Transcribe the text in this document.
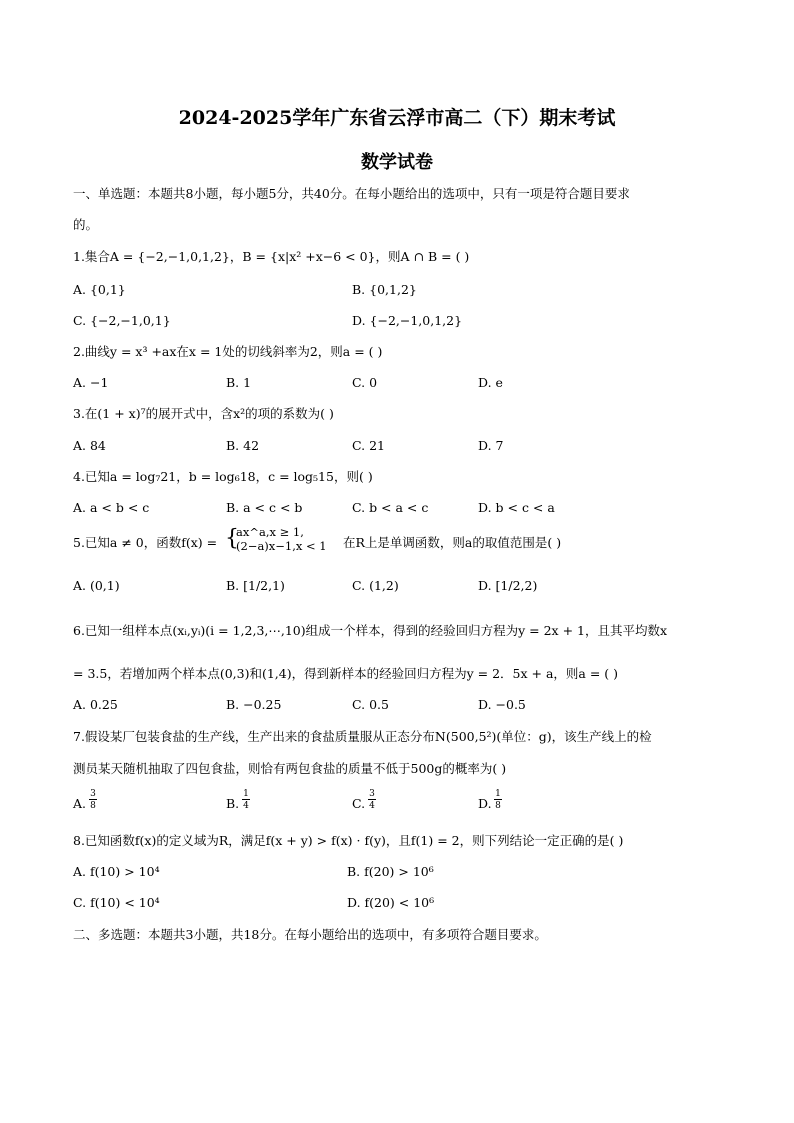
2024-2025学年广东省云浮市高二（下）期末考试
数学试卷
一、单选题：本题共8小题，每小题5分，共40分。在每小题给出的选项中，只有一项是符合题目要求
的。
1.集合A = {−2,−1,0,1,2}，B = {x|x² +x−6 < 0}，则A ∩ B = ( )
A. {0,1}	B. {0,1,2}
C. {−2,−1,0,1}	D. {−2,−1,0,1,2}
2.曲线y = x³ +ax在x = 1处的切线斜率为2，则a = ( )
A. −1	B. 1	C. 0	D. e
3.在(1 + x)⁷的展开式中，含x²的项的系数为( )
A. 84	B. 42	C. 21	D. 7
4.已知a = log₇21，b = log₆18，c = log₅15，则( )
A. a < b < c	B. a < c < b	C. b < a < c	D. b < c < a
5.已知a ≠ 0，函数f(x) = {
ax^a,x ≥ 1,
(2−a)x−1,x < 1 在R上是单调函数，则a的取值范围是( )
A. (0,1)	B. [1/2,1)	C. (1,2)	D. [1/2,2)
6.已知一组样本点(xᵢ,yᵢ)(i = 1,2,3,⋯,10)组成一个样本，得到的经验回归方程为y = 2x + 1，且其平均数x
= 3.5，若增加两个样本点(0,3)和(1,4)，得到新样本的经验回归方程为y = 2．5x + a，则a = ( )
A. 0.25	B. −0.25	C. 0.5	D. −0.5
7.假设某厂包装食盐的生产线，生产出来的食盐质量服从正态分布N(500,5²)(单位：g)，该生产线上的检
测员某天随机抽取了四包食盐，则恰有两包食盐的质量不低于500g的概率为( )
A.
3
8	B.
1
4	C.
3
4	D.
1
8
8.已知函数f(x)的定义域为R，满足f(x + y) > f(x) · f(y)，且f(1) = 2，则下列结论一定正确的是( )
A. f(10) > 10⁴	B. f(20) > 10⁶
C. f(10) < 10⁴	D. f(20) < 10⁶
二、多选题：本题共3小题，共18分。在每小题给出的选项中，有多项符合题目要求。
